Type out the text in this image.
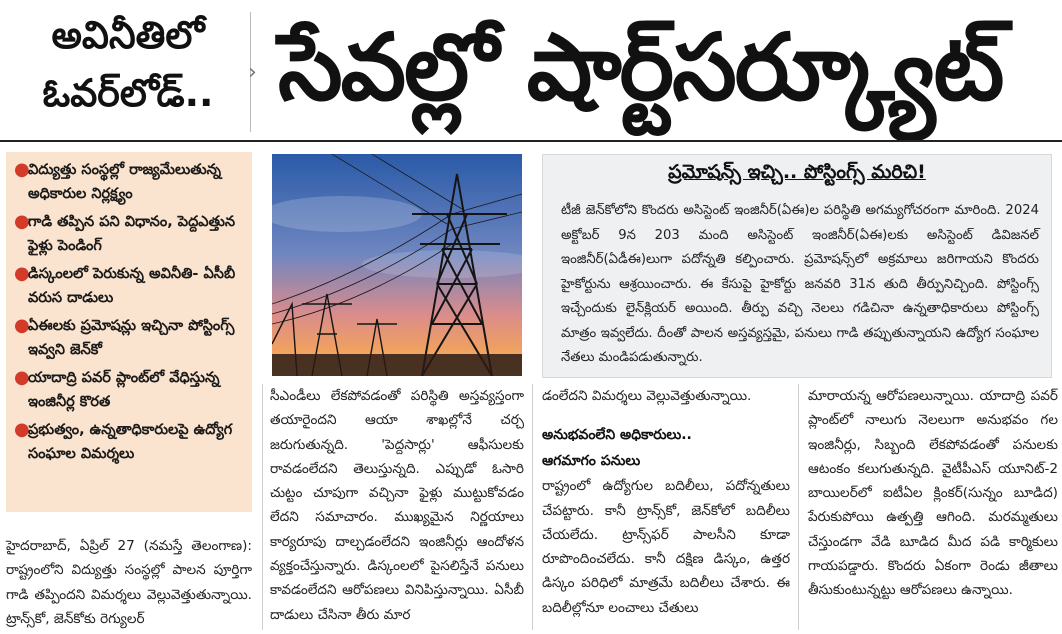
అవినీతిలో
ఓవర్‌లోడ్..	› సేవల్లో షార్ట్‌సర్క్యూట్
●
విద్యుత్తు సంస్థల్లో రాజ్యమేలుతున్న అధికారుల నిర్లక్ష్యం
●
గాడి తప్పిన పని విధానం, పెద్దఎత్తున ఫైళ్లు పెండింగ్
●
డిస్కంలలో పెరుకున్న అవినీతి- ఏసీబీ వరుస దాడులు
●
ఏఈలకు ప్రమోషన్లు ఇచ్చినా పోస్టింగ్స్ ఇవ్వని జెన్‌కో
●
యాదాద్రి పవర్ ప్లాంట్‌లో వేధిస్తున్న ఇంజినీర్ల కొరత
●
ప్రభుత్వం, ఉన్నతాధికారులపై ఉద్యోగ సంఘాల విమర్శలు
ప్రమోషన్స్ ఇచ్చి.. పోస్టింగ్స్ మరిచి!
టీజీ జెన్‌కోలోని కొందరు అసిస్టెంట్ ఇంజినీర్(ఏఈ)ల పరిస్థితి అగమ్యగోచరంగా మారింది. 2024 అక్టోబర్ 9న 203 మంది అసిస్టెంట్ ఇంజినీర్(ఏఈ)లకు అసిస్టెంట్ డివిజనల్ ఇంజినీర్(ఏడీఈ)లుగా పదోన్నతి కల్పించారు. ప్రమోషన్స్‌లో అక్రమాలు జరిగాయని కొందరు హైకోర్టును ఆశ్రయించారు. ఈ కేసుపై హైకోర్టు జనవరి 31న తుది తీర్పునిచ్చింది. పోస్టింగ్స్ ఇచ్చేందుకు లైన్‌క్లియర్ అయింది. తీర్పు వచ్చి నెలలు గడిచినా ఉన్నతాధికారులు పోస్టింగ్స్ మాత్రం ఇవ్వలేదు. దీంతో పాలన అస్తవ్యస్తమై, పనులు గాడి తప్పుతున్నాయని ఉద్యోగ సంఘాల నేతలు మండిపడుతున్నారు.
హైదరాబాద్, ఏప్రిల్ 27 (నమస్తే తెలంగాణ): రాష్ట్రంలోని విద్యుత్తు సంస్థల్లో పాలన పూర్తిగా గాడి తప్పిందని విమర్శలు వెల్లువెత్తుతున్నాయి. ట్రాన్స్‌కో, జెన్‌కోకు రెగ్యులర్
సీఎండీలు లేకపోవడంతో పరిస్థితి అస్తవ్యస్తంగా తయారైందని ఆయా శాఖల్లోనే చర్చ జరుగుతున్నది. 'పెద్దసార్లు' ఆఫీసులకు రావడంలేదని తెలుస్తున్నది. ఎప్పుడో ఓసారి చుట్టం చూపుగా వచ్చినా ఫైళ్లు ముట్టుకోవడం లేదని సమాచారం. ముఖ్యమైన నిర్ణయాలు కార్యరూపు దాల్చడంలేదని ఇంజినీర్లు ఆందోళన వ్యక్తంచేస్తున్నారు. డిస్కంలలో పైసలిస్తేనే పనులు కావడంలేదని ఆరోపణలు వినిపిస్తున్నాయి. ఏసీబీ దాడులు చేసినా తీరు మార
డంలేదని విమర్శలు వెల్లువెత్తుతున్నాయి.
అనుభవంలేని అధికారులు..
ఆగమాగం పనులు
రాష్ట్రంలో ఉద్యోగుల బదిలీలు, పదోన్నతులు చేపట్టారు. కానీ ట్రాన్స్‌కో, జెన్‌కోలో బదిలీలు చేయలేదు. ట్రాన్స్‌ఫర్ పాలసీని కూడా రూపొందించలేదు. కానీ దక్షిణ డిస్కం, ఉత్తర డిస్కం పరిధిలో మాత్రమే బదిలీలు చేశారు. ఈ బదిలీల్లోనూ లంచాలు చేతులు
మారాయన్న ఆరోపణలున్నాయి. యాదాద్రి పవర్ ప్లాంట్‌లో నాలుగు నెలలుగా అనుభవం గల ఇంజినీర్లు, సిబ్బంది లేకపోవడంతో పనులకు ఆటంకం కలుగుతున్నది. వైటీపీఎస్ యూనిట్-2 బాయిలర్‌లో ఐటీఏల క్లింకర్(సున్నం బూడిద) పేరుకుపోయి ఉత్పత్తి ఆగింది. మరమ్మతులు చేస్తుండగా వేడి బూడిద మీద పడి కార్మికులు గాయపడ్డారు. కొందరు ఏకంగా రెండు జీతాలు తీసుకుంటున్నట్టు ఆరోపణలు ఉన్నాయి.
